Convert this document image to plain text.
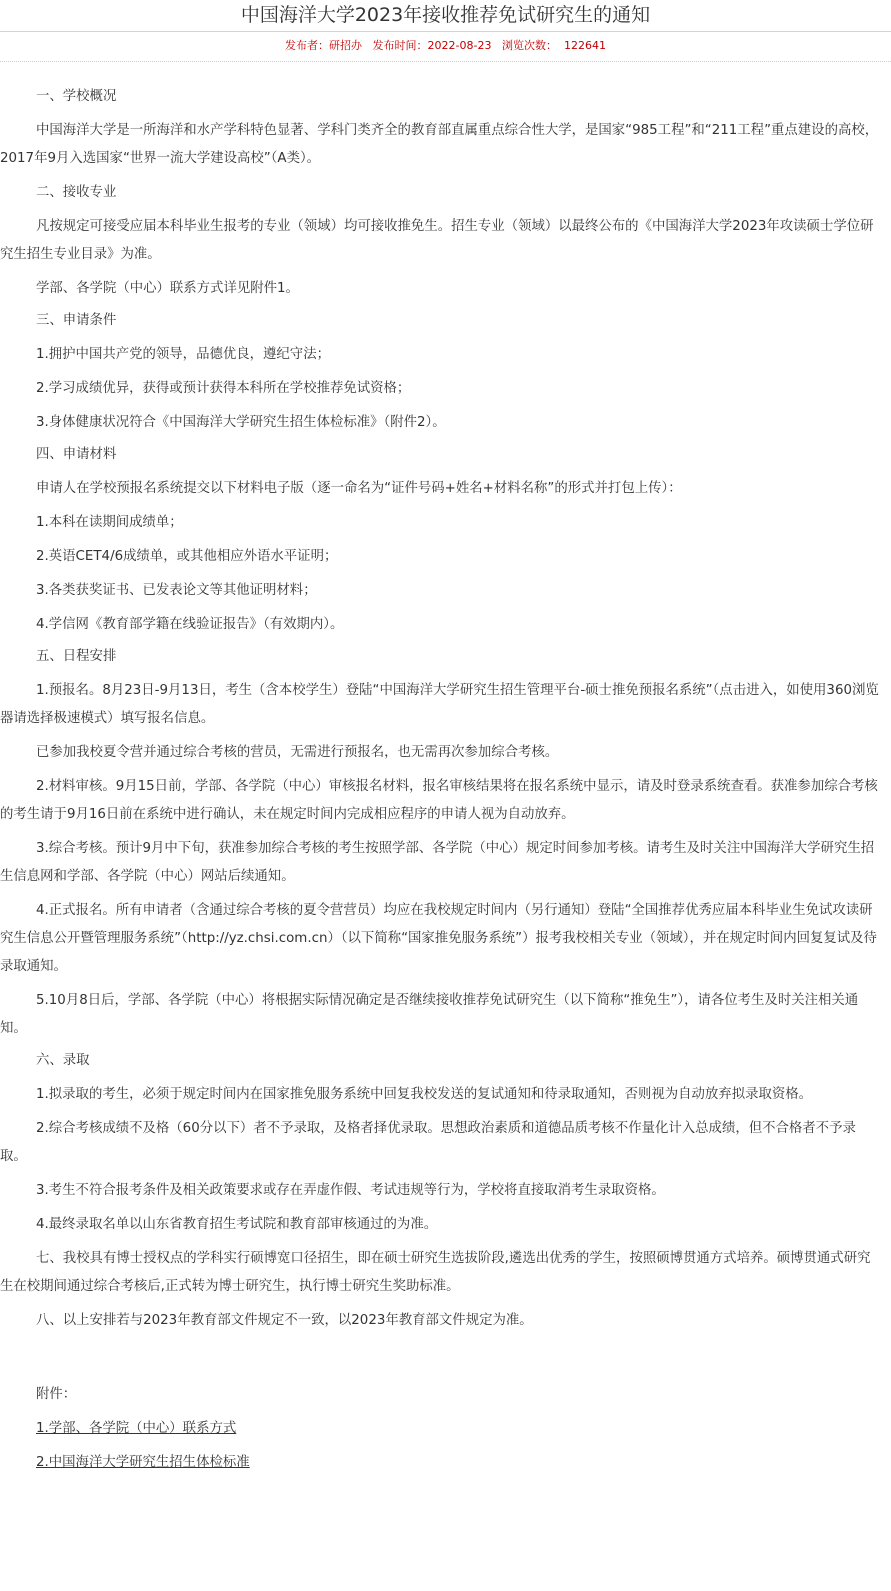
中国海洋大学2023年接收推荐免试研究生的通知
发布者：研招办 发布时间：2022-08-23 浏览次数： 122641

一、学校概况

中国海洋大学是一所海洋和水产学科特色显著、学科门类齐全的教育部直属重点综合性大学，是国家“985工程”和“211工程”重点建设的高校，2017年9月入选国家“世界一流大学建设高校”（A类）。

二、接收专业

凡按规定可接受应届本科毕业生报考的专业（领域）均可接收推免生。招生专业（领域）以最终公布的《中国海洋大学2023年攻读硕士学位研究生招生专业目录》为准。

学部、各学院（中心）联系方式详见附件1。

三、申请条件

1.拥护中国共产党的领导，品德优良，遵纪守法；

2.学习成绩优异，获得或预计获得本科所在学校推荐免试资格；

3.身体健康状况符合《中国海洋大学研究生招生体检标准》（附件2）。

四、申请材料

申请人在学校预报名系统提交以下材料电子版（逐一命名为“证件号码+姓名+材料名称”的形式并打包上传）：

1.本科在读期间成绩单；

2.英语CET4/6成绩单，或其他相应外语水平证明；

3.各类获奖证书、已发表论文等其他证明材料；

4.学信网《教育部学籍在线验证报告》（有效期内）。

五、日程安排

1.预报名。8月23日-9月13日，考生（含本校学生）登陆“中国海洋大学研究生招生管理平台-硕士推免预报名系统”（点击进入，如使用360浏览器请选择极速模式）填写报名信息。

已参加我校夏令营并通过综合考核的营员，无需进行预报名，也无需再次参加综合考核。

2.材料审核。9月15日前，学部、各学院（中心）审核报名材料，报名审核结果将在报名系统中显示，请及时登录系统查看。获准参加综合考核的考生请于9月16日前在系统中进行确认，未在规定时间内完成相应程序的申请人视为自动放弃。

3.综合考核。预计9月中下旬，获准参加综合考核的考生按照学部、各学院（中心）规定时间参加考核。请考生及时关注中国海洋大学研究生招生信息网和学部、各学院（中心）网站后续通知。

4.正式报名。所有申请者（含通过综合考核的夏令营营员）均应在我校规定时间内（另行通知）登陆“全国推荐优秀应届本科毕业生免试攻读研究生信息公开暨管理服务系统”（http://yz.chsi.com.cn）（以下简称“国家推免服务系统”）报考我校相关专业（领域），并在规定时间内回复复试及待录取通知。

5.10月8日后，学部、各学院（中心）将根据实际情况确定是否继续接收推荐免试研究生（以下简称“推免生”），请各位考生及时关注相关通知。

六、录取

1.拟录取的考生，必须于规定时间内在国家推免服务系统中回复我校发送的复试通知和待录取通知，否则视为自动放弃拟录取资格。

2.综合考核成绩不及格（60分以下）者不予录取，及格者择优录取。思想政治素质和道德品质考核不作量化计入总成绩，但不合格者不予录取。

3.考生不符合报考条件及相关政策要求或存在弄虚作假、考试违规等行为，学校将直接取消考生录取资格。

4.最终录取名单以山东省教育招生考试院和教育部审核通过的为准。

七、我校具有博士授权点的学科实行硕博宽口径招生，即在硕士研究生选拔阶段,遴选出优秀的学生，按照硕博贯通方式培养。硕博贯通式研究生在校期间通过综合考核后,正式转为博士研究生，执行博士研究生奖助标准。

八、以上安排若与2023年教育部文件规定不一致，以2023年教育部文件规定为准。

附件：

1.学部、各学院（中心）联系方式

2.中国海洋大学研究生招生体检标准
